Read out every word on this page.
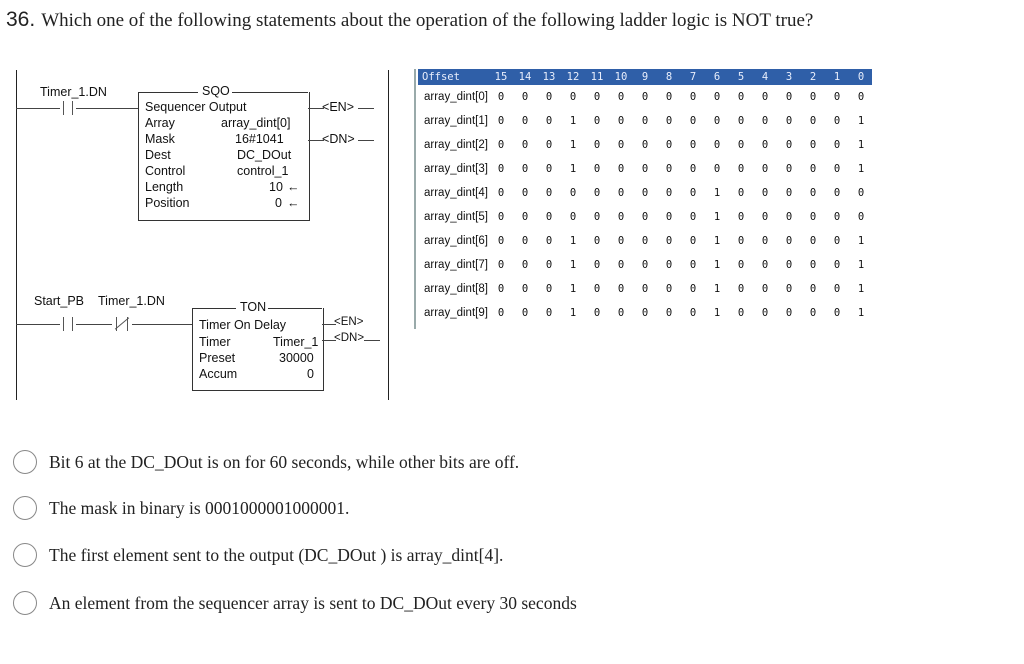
36. Which one of the following statements about the operation of the following ladder logic is NOT true?
Timer_1.DN	SQO
Sequencer Output
Array	array_dint[0]
Mask	16#1041
Dest	DC_DOut
Control	control_1
Length	10 ←
Position	0 ←
<EN>
<DN>
Start_PB Timer_1.DN	TON
Timer On Delay
Timer	Timer_1
Preset	30000
Accum	0
<EN>
<DN>
Offset	15	14	13	12	11	10	9	8	7	6	5	4	3	2	1	0
array_dint[0] 0	0	0	0	0	0	0	0	0	0	0	0	0	0	0	0
array_dint[1] 0	0	0	1	0	0	0	0	0	0	0	0	0	0	0	1
array_dint[2] 0	0	0	1	0	0	0	0	0	0	0	0	0	0	0	1
array_dint[3] 0	0	0	1	0	0	0	0	0	0	0	0	0	0	0	1
array_dint[4] 0	0	0	0	0	0	0	0	0	1	0	0	0	0	0	0
array_dint[5] 0	0	0	0	0	0	0	0	0	1	0	0	0	0	0	0
array_dint[6] 0	0	0	1	0	0	0	0	0	1	0	0	0	0	0	1
array_dint[7] 0	0	0	1	0	0	0	0	0	1	0	0	0	0	0	1
array_dint[8] 0	0	0	1	0	0	0	0	0	1	0	0	0	0	0	1
array_dint[9] 0	0	0	1	0	0	0	0	0	1	0	0	0	0	0	1
Bit 6 at the DC_DOut is on for 60 seconds, while other bits are off.
The mask in binary is 0001000001000001.
The first element sent to the output (DC_DOut ) is array_dint[4].
An element from the sequencer array is sent to DC_DOut every 30 seconds
